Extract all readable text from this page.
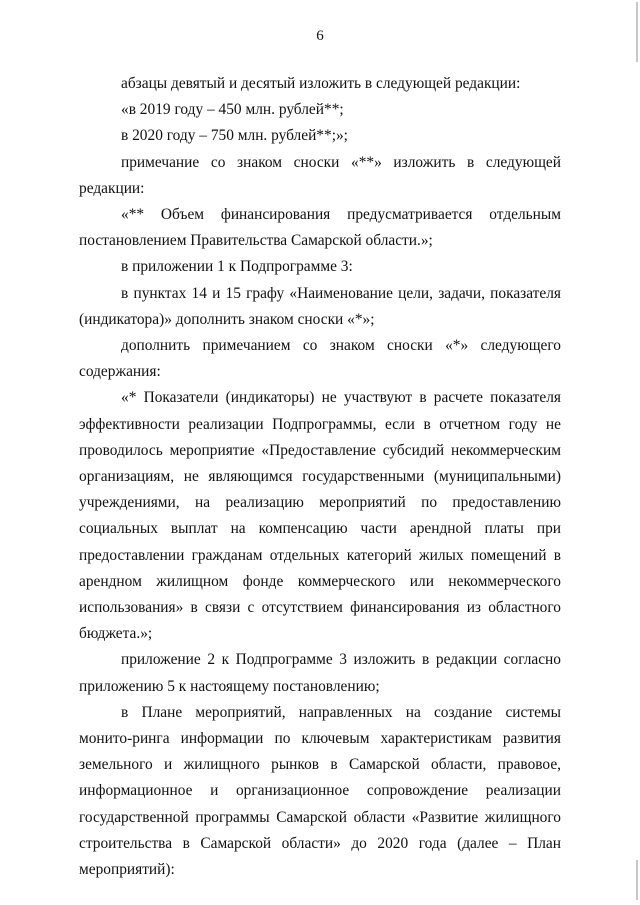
6

абзацы девятый и десятый изложить в следующей редакции:

«в 2019 году – 450 млн. рублей**;

в 2020 году – 750 млн. рублей**;»;

примечание со знаком сноски «**» изложить в следующей редакции:

«** Объем финансирования предусматривается отдельным постановлением Правительства Самарской области.»;

в приложении 1 к Подпрограмме 3:

в пунктах 14 и 15 графу «Наименование цели, задачи, показателя (индикатора)» дополнить знаком сноски «*»;

дополнить примечанием со знаком сноски «*» следующего содержания:

«* Показатели (индикаторы) не участвуют в расчете показателя эффективности реализации Подпрограммы, если в отчетном году не проводилось мероприятие «Предоставление субсидий некоммерческим организациям, не являющимся государственными (муниципальными) учреждениями, на реализацию мероприятий по предоставлению социальных выплат на компенсацию части арендной платы при предоставлении гражданам отдельных категорий жилых помещений в арендном жилищном фонде коммерческого или некоммерческого использования» в связи с отсутствием финансирования из областного бюджета.»;

приложение 2 к Подпрограмме 3 изложить в редакции согласно приложению 5 к настоящему постановлению;

в Плане мероприятий, направленных на создание системы монито-ринга информации по ключевым характеристикам развития земельного и жилищного рынков в Самарской области, правовое, информационное и организационное сопровождение реализации государственной программы Самарской области «Развитие жилищного строительства в Самарской области» до 2020 года (далее – План мероприятий):
